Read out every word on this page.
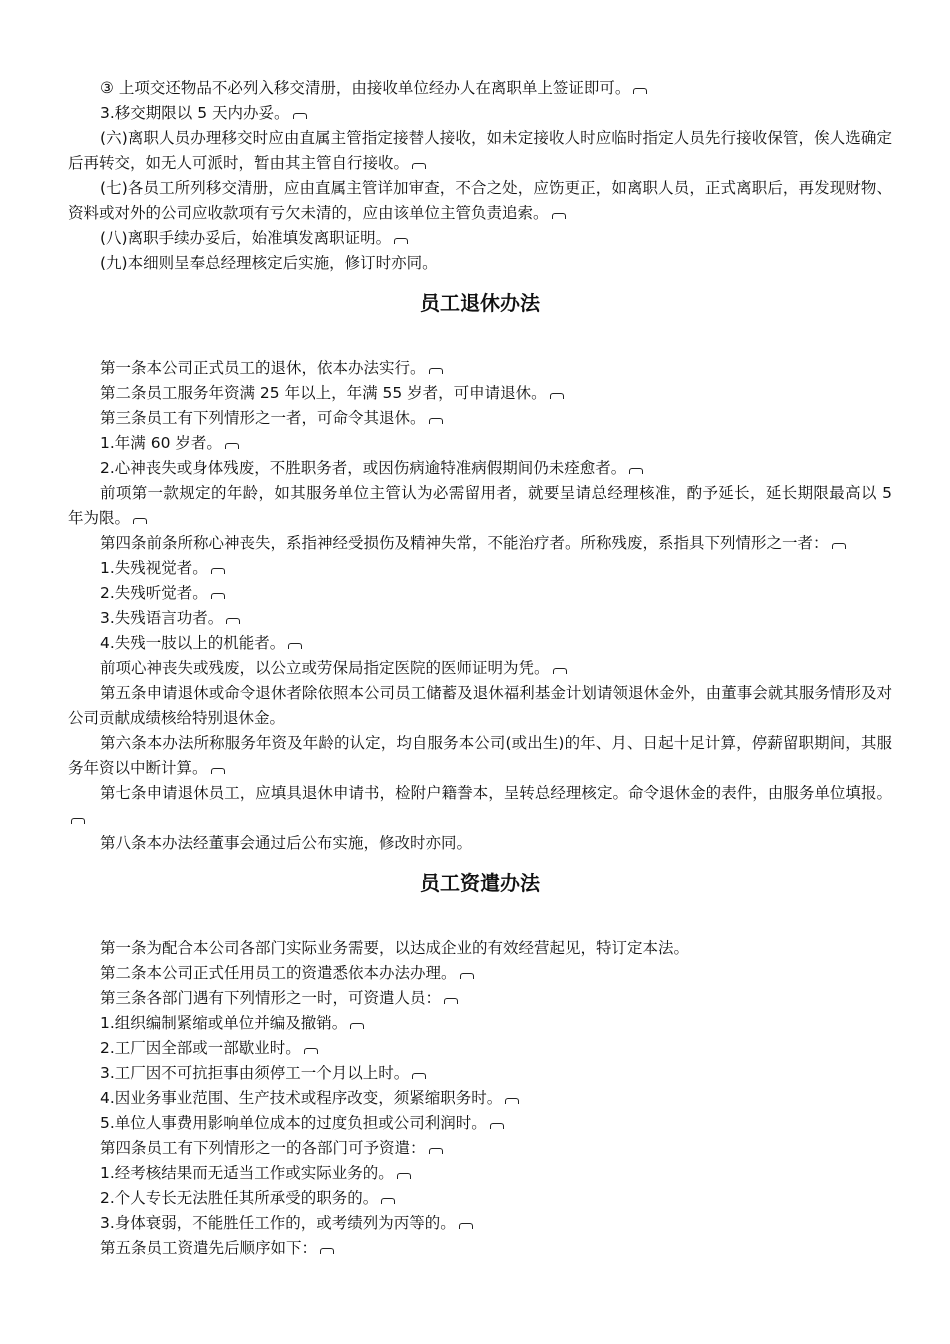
③ 上项交还物品不必列入移交清册，由接收单位经办人在离职单上签证即可。

3.移交期限以 5 天内办妥。

(六)离职人员办理移交时应由直属主管指定接替人接收，如未定接收人时应临时指定人员先行接收保管，俟人选确定后再转交，如无人可派时，暂由其主管自行接收。

(七)各员工所列移交清册，应由直属主管详加审查，不合之处，应饬更正，如离职人员，正式离职后，再发现财物、资料或对外的公司应收款项有亏欠未清的，应由该单位主管负责追索。

(八)离职手续办妥后，始准填发离职证明。

(九)本细则呈奉总经理核定后实施，修订时亦同。

员工退休办法

第一条本公司正式员工的退休，依本办法实行。

第二条员工服务年资满 25 年以上，年满 55 岁者，可申请退休。

第三条员工有下列情形之一者，可命令其退休。

1.年满 60 岁者。

2.心神丧失或身体残废，不胜职务者，或因伤病逾特准病假期间仍未痊愈者。

前项第一款规定的年龄，如其服务单位主管认为必需留用者，就要呈请总经理核准，酌予延长，延长期限最高以 5 年为限。

第四条前条所称心神丧失，系指神经受损伤及精神失常，不能治疗者。所称残废，系指具下列情形之一者：

1.失残视觉者。

2.失残听觉者。

3.失残语言功者。

4.失残一肢以上的机能者。

前项心神丧失或残废，以公立或劳保局指定医院的医师证明为凭。

第五条申请退休或命令退休者除依照本公司员工储蓄及退休福利基金计划请领退休金外，由董事会就其服务情形及对公司贡献成绩核给特别退休金。

第六条本办法所称服务年资及年龄的认定，均自服务本公司(或出生)的年、月、日起十足计算，停薪留职期间，其服务年资以中断计算。

第七条申请退休员工，应填具退休申请书，检附户籍誊本，呈转总经理核定。命令退休金的表件，由服务单位填报。

第八条本办法经董事会通过后公布实施，修改时亦同。

员工资遣办法

第一条为配合本公司各部门实际业务需要，以达成企业的有效经营起见，特订定本法。

第二条本公司正式任用员工的资遣悉依本办法办理。

第三条各部门遇有下列情形之一时，可资遣人员：

1.组织编制紧缩或单位并编及撤销。

2.工厂因全部或一部歇业时。

3.工厂因不可抗拒事由须停工一个月以上时。

4.因业务事业范围、生产技术或程序改变，须紧缩职务时。

5.单位人事费用影响单位成本的过度负担或公司利润时。

第四条员工有下列情形之一的各部门可予资遣：

1.经考核结果而无适当工作或实际业务的。

2.个人专长无法胜任其所承受的职务的。

3.身体衰弱，不能胜任工作的，或考绩列为丙等的。

第五条员工资遣先后顺序如下：
